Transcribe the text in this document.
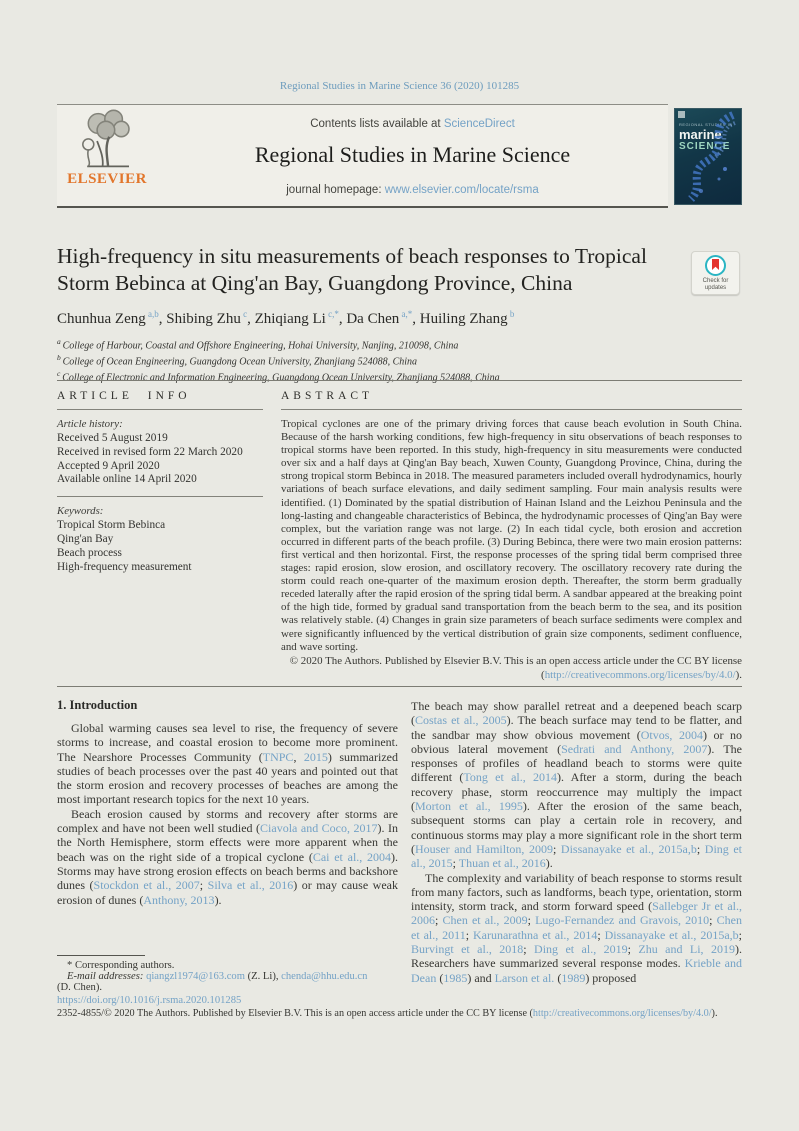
Regional Studies in Marine Science 36 (2020) 101285
ELSEVIER
Contents lists available at ScienceDirect
Regional Studies in Marine Science
journal homepage: www.elsevier.com/locate/rsma
REGIONAL STUDIES IN
marine
SCIENCE
High-frequency in situ measurements of beach responses to Tropical Storm Bebinca at Qing'an Bay, Guangdong Province, China	Check for
updates
Chunhua Zeng $^{a,b}$, Shibing Zhu $^c$, Zhiqiang Li $^{c,*}$, Da Chen $^{a,*}$, Huiling Zhang $^b$
$^a$ College of Harbour, Coastal and Offshore Engineering, Hohai University, Nanjing, 210098, China
$^b$ College of Ocean Engineering, Guangdong Ocean University, Zhanjiang 524088, China
$^c$ College of Electronic and Information Engineering, Guangdong Ocean University, Zhanjiang 524088, China
ARTICLE INFO
Article history:
Received 5 August 2019
Received in revised form 22 March 2020
Accepted 9 April 2020
Available online 14 April 2020
Keywords:
Tropical Storm Bebinca
Qing'an Bay
Beach process
High-frequency measurement
ABSTRACT
Tropical cyclones are one of the primary driving forces that cause beach evolution in South China. Because of the harsh working conditions, few high-frequency in situ observations of beach responses to tropical storms have been reported. In this study, high-frequency in situ measurements were conducted over six and a half days at Qing'an Bay beach, Xuwen County, Guangdong Province, China, during the strong tropical storm Bebinca in 2018. The measured parameters included overall hydrodynamics, hourly variations of beach surface elevations, and daily sediment sampling. Four main analysis results were identified. (1) Dominated by the spatial distribution of Hainan Island and the Leizhou Peninsula and the long-lasting and changeable characteristics of Bebinca, the hydrodynamic processes of Qing'an Bay were complex, but the variation range was not large. (2) In each tidal cycle, both erosion and accretion occurred in different parts of the beach profile. (3) During Bebinca, there were two main erosion patterns: first vertical and then horizontal. First, the response processes of the spring tidal berm comprised three stages: rapid erosion, slow erosion, and oscillatory recovery. The oscillatory recovery rate during the storm could reach one-quarter of the maximum erosion depth. Thereafter, the storm berm gradually receded laterally after the rapid erosion of the spring tidal berm. A sandbar appeared at the breaking point of the high tide, formed by gradual sand transportation from the beach berm to the sea, and its position was relatively stable. (4) Changes in grain size parameters of beach surface sediments were complex and were significantly influenced by the vertical distribution of grain size components, sediment confluence, and wave sorting.
© 2020 The Authors. Published by Elsevier B.V. This is an open access article under the CC BY license
(http://creativecommons.org/licenses/by/4.0/).
1. Introduction

Global warming causes sea level to rise, the frequency of severe storms to increase, and coastal erosion to become more prominent. The Nearshore Processes Community (TNPC, 2015) summarized studies of beach processes over the past 40 years and pointed out that the storm erosion and recovery processes of beaches are among the most important research topics for the next 10 years.

Beach erosion caused by storms and recovery after storms are complex and have not been well studied (Ciavola and Coco, 2017). In the North Hemisphere, storm effects were more apparent when the beach was on the right side of a tropical cyclone (Cai et al., 2004). Storms may have strong erosion effects on beach berms and backshore dunes (Stockdon et al., 2007; Silva et al., 2016) or may cause weak erosion of dunes (Anthony, 2013).

The beach may show parallel retreat and a deepened beach scarp (Costas et al., 2005). The beach surface may tend to be flatter, and the sandbar may show obvious movement (Otvos, 2004) or no obvious lateral movement (Sedrati and Anthony, 2007). The responses of profiles of headland beach to storms were quite different (Tong et al., 2014). After a storm, during the beach recovery phase, storm reoccurrence may multiply the impact (Morton et al., 1995). After the erosion of the same beach, subsequent storms can play a certain role in recovery, and continuous storms may play a more significant role in the short term (Houser and Hamilton, 2009; Dissanayake et al., 2015a,b; Ding et al., 2015; Thuan et al., 2016).

The complexity and variability of beach response to storms result from many factors, such as landforms, beach type, orientation, storm intensity, storm track, and storm forward speed (Sallebger Jr et al., 2006; Chen et al., 2009; Lugo-Fernandez and Gravois, 2010; Chen et al., 2011; Karunarathna et al., 2014; Dissanayake et al., 2015a,b; Burvingt et al., 2018; Ding et al., 2019; Zhu and Li, 2019). Researchers have summarized several response modes. Krieble and Dean (1985) and Larson et al. (1989) proposed

* Corresponding authors.
E-mail addresses: qiangzl1974@163.com (Z. Li), chenda@hhu.edu.cn
(D. Chen).
https://doi.org/10.1016/j.rsma.2020.101285
2352-4855/© 2020 The Authors. Published by Elsevier B.V. This is an open access article under the CC BY license (http://creativecommons.org/licenses/by/4.0/).
